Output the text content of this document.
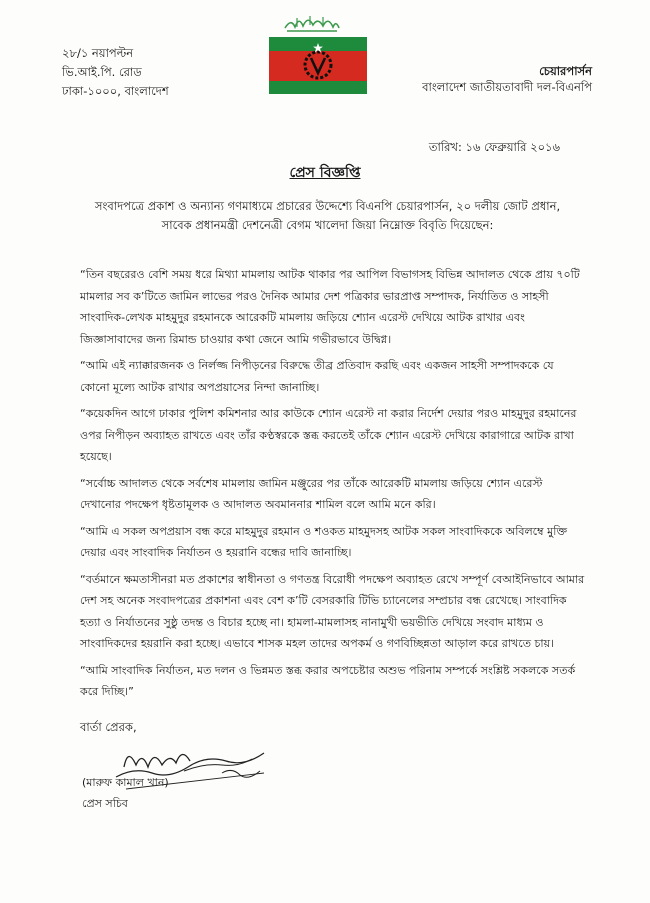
২৮/১ নয়াপল্টন
ভি.আই.পি. রোড
ঢাকা-১০০০, বাংলাদেশ
চেয়ারপার্সন
বাংলাদেশ জাতীয়তাবাদী দল-বিএনপি
তারিখ: ১৬ ফেব্রুয়ারি ২০১৬
প্রেস বিজ্ঞপ্তি
সংবাদপত্রে প্রকাশ ও অন্যান্য গণমাধ্যমে প্রচারের উদ্দেশ্যে বিএনপি চেয়ারপার্সন, ২০ দলীয় জোট প্রধান,
সাবেক প্রধানমন্ত্রী দেশনেত্রী বেগম খালেদা জিয়া নিম্নোক্ত বিবৃতি দিয়েছেন:

“তিন বছরেরও বেশি সময় ধরে মিথ্যা মামলায় আটক থাকার পর আপিল বিভাগসহ বিভিন্ন আদালত থেকে প্রায় ৭০টি মামলার সব ক’টিতে জামিন লাভের পরও দৈনিক আমার দেশ পত্রিকার ভারপ্রাপ্ত সম্পাদক, নির্যাতিত ও সাহসী সাংবাদিক-লেখক মাহমুদুর রহমানকে আরেকটি মামলায় জড়িয়ে শ্যোন এরেস্ট দেখিয়ে আটক রাখার এবং জিজ্ঞাসাবাদের জন্য রিমান্ড চাওয়ার কথা জেনে আমি গভীরভাবে উদ্বিগ্ন।

“আমি এই ন্যাক্কারজনক ও নির্লজ্জ নিপীড়নের বিরুদ্ধে তীব্র প্রতিবাদ করছি এবং একজন সাহসী সম্পাদককে যে কোনো মূল্যে আটক রাখার অপপ্রয়াসের নিন্দা জানাচ্ছি।

“কয়েকদিন আগে ঢাকার পুলিশ কমিশনার আর কাউকে শ্যোন এরেস্ট না করার নির্দেশ দেয়ার পরও মাহমুদুর রহমানের ওপর নিপীড়ন অব্যাহত রাখতে এবং তাঁর কণ্ঠস্বরকে স্তব্ধ করতেই তাঁকে শ্যোন এরেস্ট দেখিয়ে কারাগারে আটক রাখা হয়েছে।

“সর্বোচ্চ আদালত থেকে সর্বশেষ মামলায় জামিন মঞ্জুরের পর তাঁকে আরেকটি মামলায় জড়িয়ে শ্যোন এরেস্ট দেখানোর পদক্ষেপ ধৃষ্টতামূলক ও আদালত অবমাননার শামিল বলে আমি মনে করি।

“আমি এ সকল অপপ্রয়াস বন্ধ করে মাহমুদুর রহমান ও শওকত মাহমুদসহ আটক সকল সাংবাদিককে অবিলম্বে মুক্তি দেয়ার এবং সাংবাদিক নির্যাতন ও হয়রানি বন্ধের দাবি জানাচ্ছি।

“বর্তমানে ক্ষমতাসীনরা মত প্রকাশের স্বাধীনতা ও গণতন্ত্র বিরোধী পদক্ষেপ অব্যাহত রেখে সম্পূর্ণ বেআইনিভাবে আমার দেশ সহ অনেক সংবাদপত্রের প্রকাশনা এবং বেশ ক’টি বেসরকারি টিভি চ্যানেলের সম্প্রচার বন্ধ রেখেছে। সাংবাদিক হত্যা ও নির্যাতনের সুষ্ঠু তদন্ত ও বিচার হচ্ছে না। হামলা-মামলাসহ নানামুখী ভয়ভীতি দেখিয়ে সংবাদ মাধ্যম ও সাংবাদিকদের হয়রানি করা হচ্ছে। এভাবে শাসক মহল তাদের অপকর্ম ও গণবিচ্ছিন্নতা আড়াল করে রাখতে চায়।

“আমি সাংবাদিক নির্যাতন, মত দলন ও ভিন্নমত স্তব্ধ করার অপচেষ্টার অশুভ পরিনাম সম্পর্কে সংশ্লিষ্ট সকলকে সতর্ক করে দিচ্ছি।”

বার্তা প্রেরক,
(মারুফ কামাল খান)
প্রেস সচিব
